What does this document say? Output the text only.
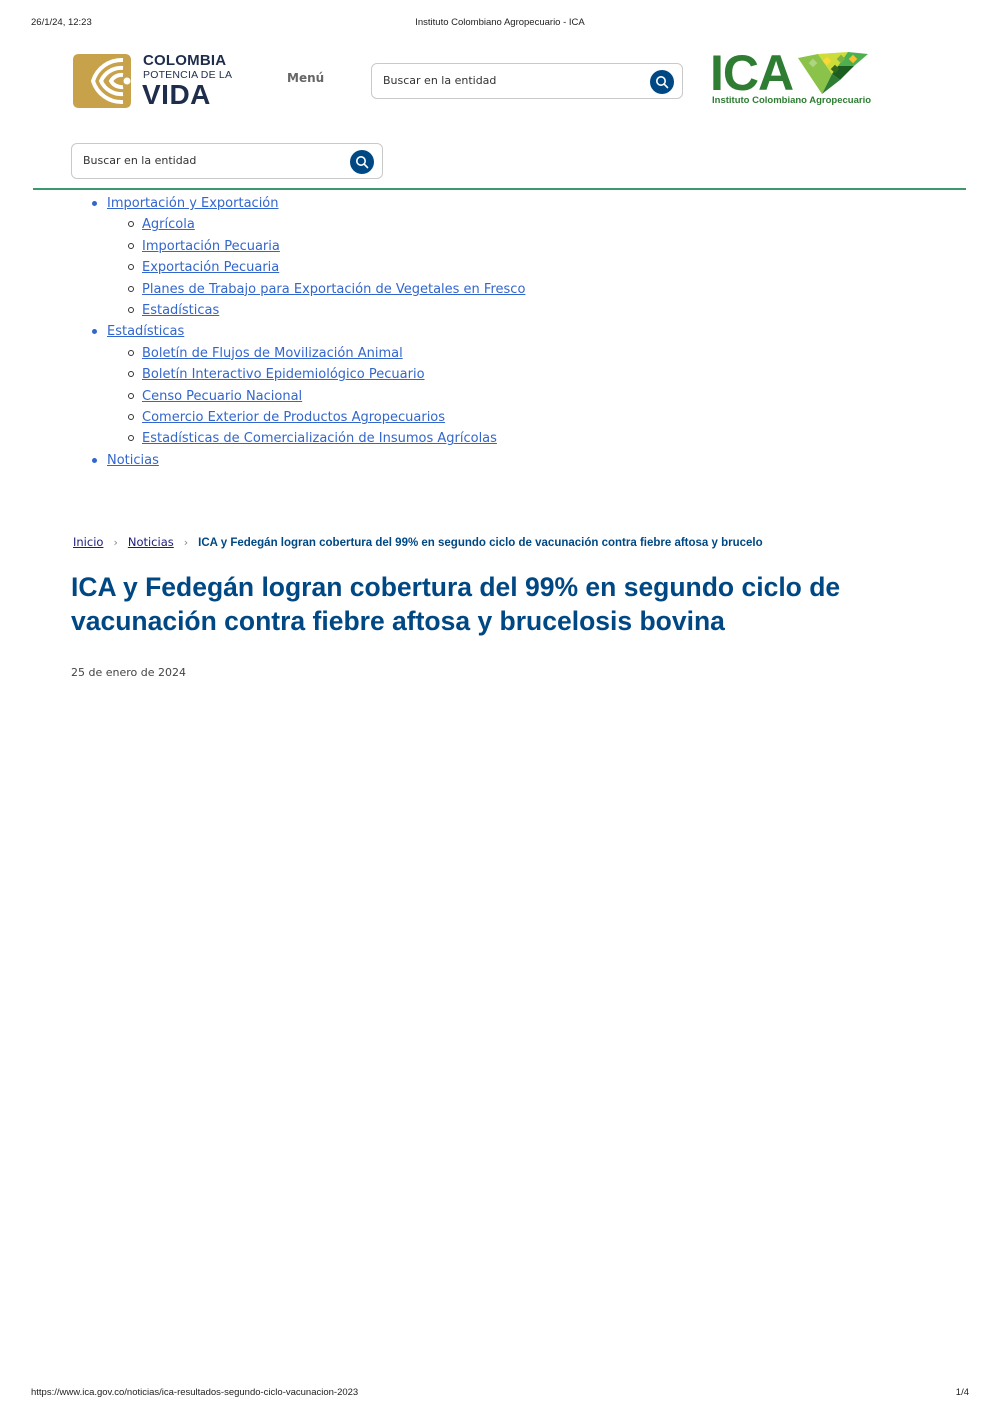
26/1/24, 12:23	Instituto Colombiano Agropecuario - ICA
COLOMBIA
POTENCIA DE LA
VIDA
Menú	Buscar en la entidad	ICA
Instituto Colombiano Agropecuario
Buscar en la entidad
Importación y Exportación
Agrícola
Importación Pecuaria
Exportación Pecuaria
Planes de Trabajo para Exportación de Vegetales en Fresco
Estadísticas
Estadísticas
Boletín de Flujos de Movilización Animal
Boletín Interactivo Epidemiológico Pecuario
Censo Pecuario Nacional
Comercio Exterior de Productos Agropecuarios
Estadísticas de Comercialización de Insumos Agrícolas
Noticias
Inicio › Noticias › ICA y Fedegán logran cobertura del 99% en segundo ciclo de vacunación contra fiebre aftosa y brucelo
ICA y Fedegán logran cobertura del 99% en segundo ciclo de vacunación contra fiebre aftosa y brucelosis bovina
25 de enero de 2024
https://www.ica.gov.co/noticias/ica-resultados-segundo-ciclo-vacunacion-2023	1/4
